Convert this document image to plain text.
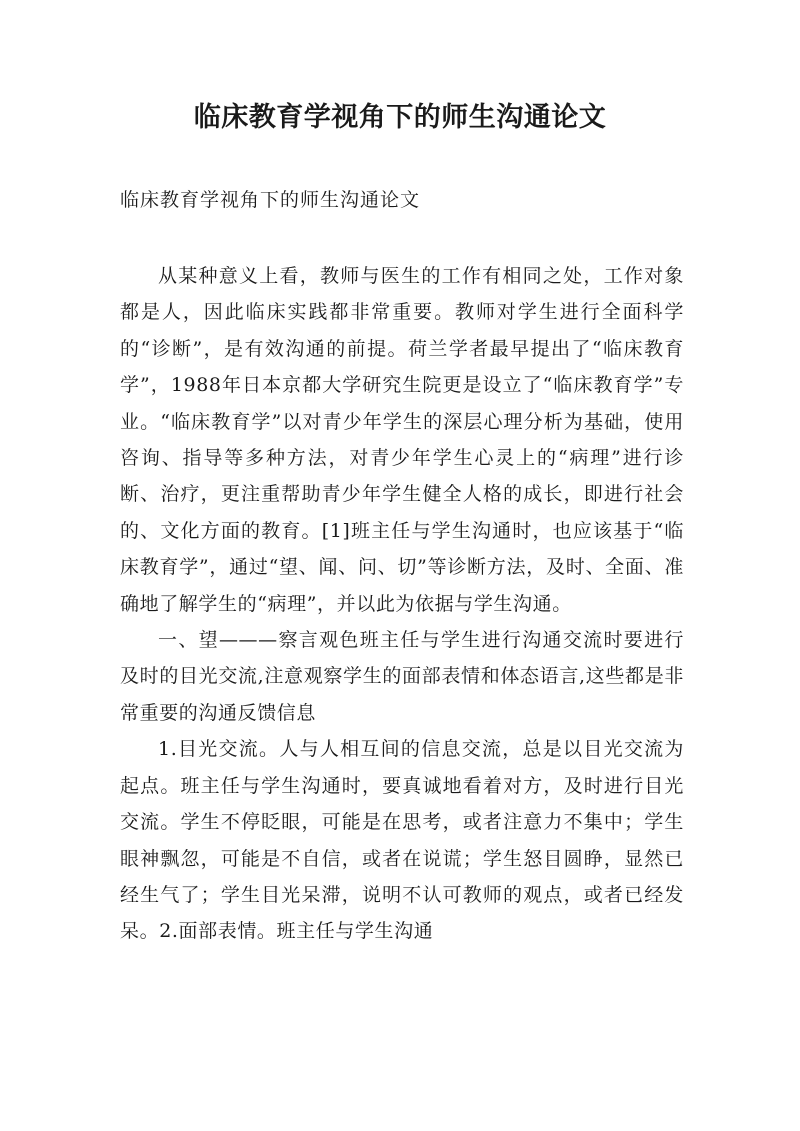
临床教育学视角下的师生沟通论文

临床教育学视角下的师生沟通论文

从某种意义上看，教师与医生的工作有相同之处，工作对象都是人，因此临床实践都非常重要。教师对学生进行全面科学的“诊断”，是有效沟通的前提。荷兰学者最早提出了“临床教育学”，1988年日本京都大学研究生院更是设立了“临床教育学”专业。“临床教育学”以对青少年学生的深层心理分析为基础，使用咨询、指导等多种方法，对青少年学生心灵上的“病理”进行诊断、治疗，更注重帮助青少年学生健全人格的成长，即进行社会的、文化方面的教育。[1]班主任与学生沟通时，也应该基于“临床教育学”，通过“望、闻、问、切”等诊断方法，及时、全面、准确地了解学生的“病理”，并以此为依据与学生沟通。

一、望———察言观色班主任与学生进行沟通交流时要进行及时的目光交流,注意观察学生的面部表情和体态语言,这些都是非常重要的沟通反馈信息

1.目光交流。人与人相互间的信息交流，总是以目光交流为起点。班主任与学生沟通时，要真诚地看着对方，及时进行目光交流。学生不停眨眼，可能是在思考，或者注意力不集中；学生眼神飘忽，可能是不自信，或者在说谎；学生怒目圆睁，显然已经生气了；学生目光呆滞，说明不认可教师的观点，或者已经发呆。2.面部表情。班主任与学生沟通
